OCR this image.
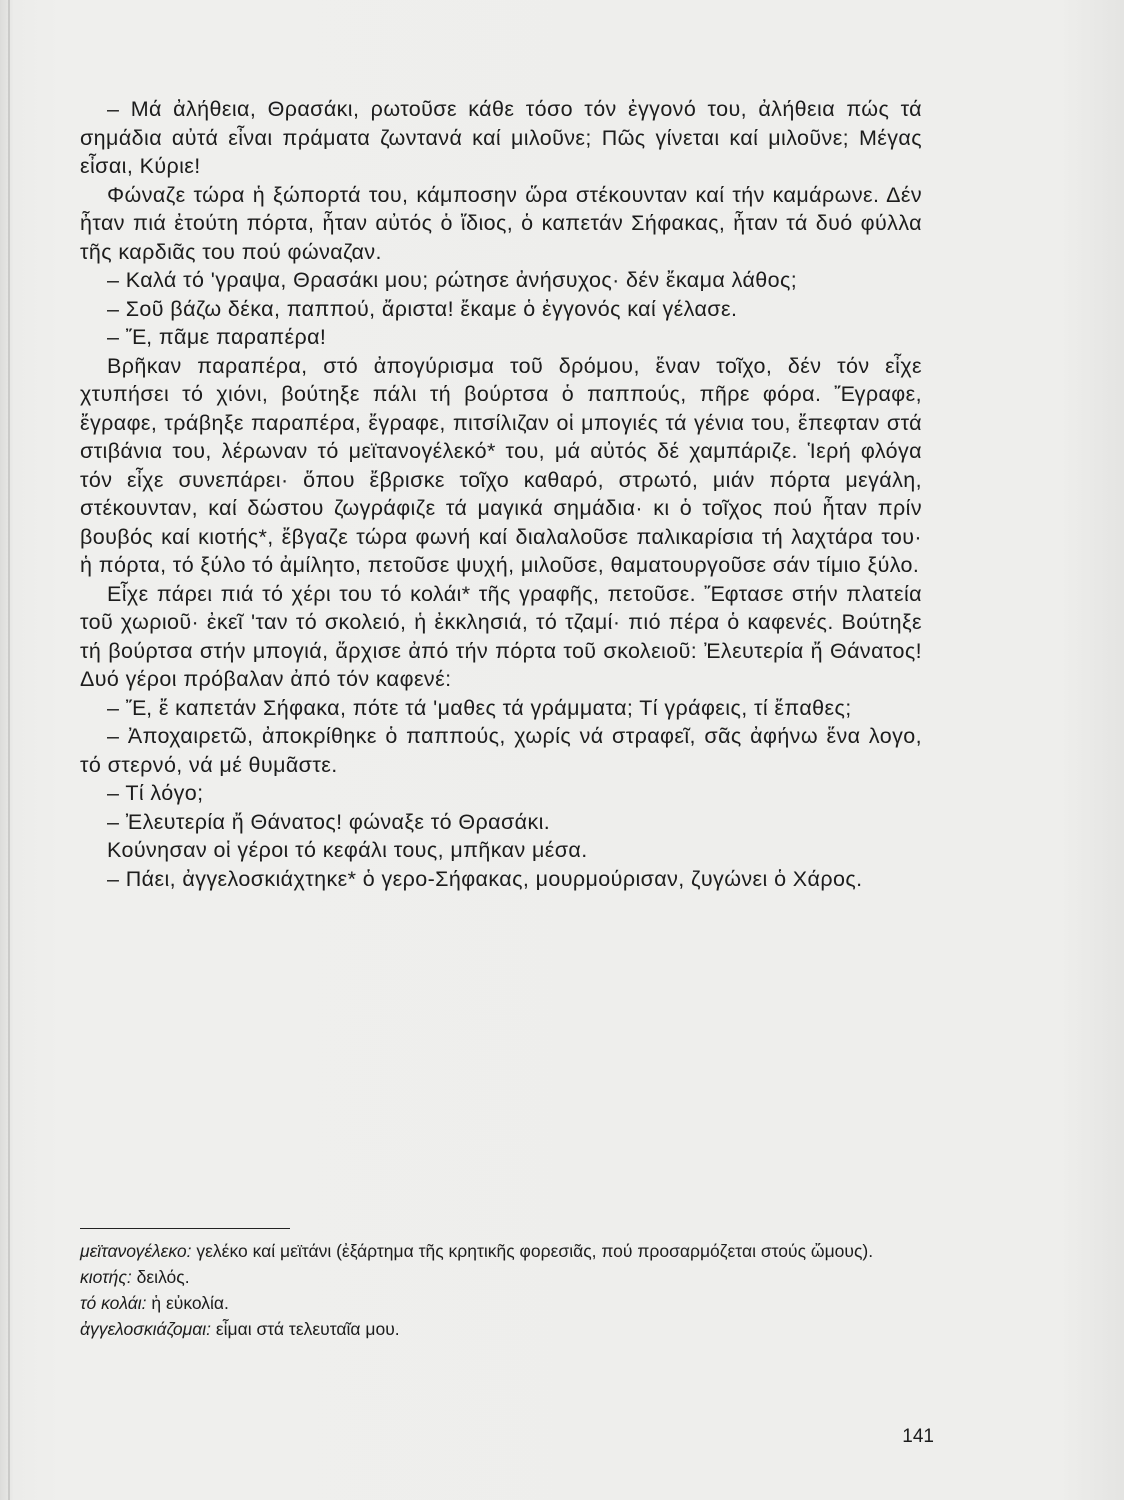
– Μά ἀλήθεια, Θρασάκι, ρωτοῦσε κάθε τόσο τόν ἐγγονό του, ἀλήθεια πώς τά σημάδια αὐτά εἶναι πράματα ζωντανά καί μιλοῦνε; Πῶς γίνεται καί μιλοῦνε; Μέγας εἶσαι, Κύριε!

Φώναζε τώρα ἡ ξώπορτά του, κάμποσην ὥρα στέκουνταν καί τήν καμάρωνε. Δέν ἦταν πιά ἐτούτη πόρτα, ἦταν αὐτός ὁ ἴδιος, ὁ καπετάν Σήφακας, ἦταν τά δυό φύλλα τῆς καρδιᾶς του πού φώναζαν.

– Καλά τό 'γραψα, Θρασάκι μου; ρώτησε ἀνήσυχος· δέν ἔκαμα λάθος;

– Σοῦ βάζω δέκα, παππού, ἄριστα! ἔκαμε ὁ ἐγγονός καί γέλασε.

– Ἔ, πᾶμε παραπέρα!

Βρῆκαν παραπέρα, στό ἀπογύρισμα τοῦ δρόμου, ἕναν τοῖχο, δέν τόν εἶχε χτυπήσει τό χιόνι, βούτηξε πάλι τή βούρτσα ὁ παππούς, πῆρε φόρα. Ἔγραφε, ἔγραφε, τράβηξε παραπέρα, ἔγραφε, πιτσίλιζαν οἱ μπογιές τά γένια του, ἔπεφταν στά στιβάνια του, λέρωναν τό μεϊτανογέλεκό* του, μά αὐτός δέ χαμπάριζε. Ἱερή φλόγα τόν εἶχε συνεπάρει· ὅπου ἔβρισκε τοῖχο καθαρό, στρωτό, μιάν πόρτα μεγάλη, στέκουνταν, καί δώστου ζωγράφιζε τά μαγικά σημάδια· κι ὁ τοῖχος πού ἦταν πρίν βουβός καί κιοτής*, ἔβγαζε τώρα φωνή καί διαλαλοῦσε παλικαρίσια τή λαχτάρα του· ἡ πόρτα, τό ξύλο τό ἀμίλητο, πετοῦσε ψυχή, μιλοῦσε, θαματουργοῦσε σάν τίμιο ξύλο.

Εἶχε πάρει πιά τό χέρι του τό κολάι* τῆς γραφῆς, πετοῦσε. Ἔφτασε στήν πλατεία τοῦ χωριοῦ· ἐκεῖ 'ταν τό σκολειό, ἡ ἐκκλησιά, τό τζαμί· πιό πέρα ὁ καφενές. Βούτηξε τή βούρτσα στήν μπογιά, ἄρχισε ἀπό τήν πόρτα τοῦ σκολειοῦ: Ἐλευτερία ἤ Θάνατος! Δυό γέροι πρόβαλαν ἀπό τόν καφενέ:

– Ἔ, ἔ καπετάν Σήφακα, πότε τά 'μαθες τά γράμματα; Τί γράφεις, τί ἔπαθες;

– Ἀποχαιρετῶ, ἀποκρίθηκε ὁ παππούς, χωρίς νά στραφεῖ, σᾶς ἀφήνω ἕνα λογο, τό στερνό, νά μέ θυμᾶστε.

– Τί λόγο;

– Ἐλευτερία ἤ Θάνατος! φώναξε τό Θρασάκι.

Κούνησαν οἱ γέροι τό κεφάλι τους, μπῆκαν μέσα.

– Πάει, ἀγγελοσκιάχτηκε* ὁ γερο-Σήφακας, μουρμούρισαν, ζυγώνει ὁ Χάρος.

μεϊτανογέλεκο: γελέκο καί μεϊτάνι (ἐξάρτημα τῆς κρητικῆς φορεσιᾶς, πού προσαρμόζεται στούς ὤμους).

κιοτής: δειλός.

τό κολάι: ἡ εὐκολία.

ἀγγελοσκιάζομαι: εἶμαι στά τελευταῖα μου.

141
